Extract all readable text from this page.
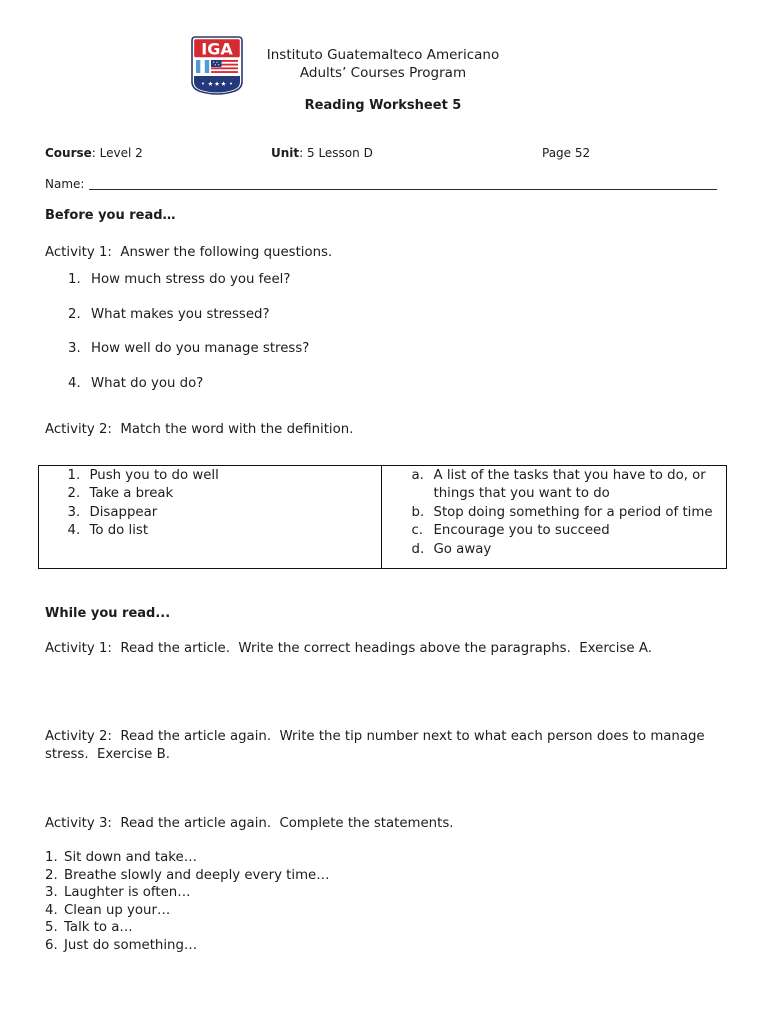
IGA	Instituto Guatemalteco Americano
Adults’ Courses Program
Reading Worksheet 5
Course: Level 2	Unit: 5 Lesson D	Page 52
Name:
Before you read…
Activity 1:  Answer the following questions.
1. How much stress do you feel?
2. What makes you stressed?
3. How well do you manage stress?
4. What do you do?
Activity 2:  Match the word with the definition.
1. Push you to do well
2. Take a break
3. Disappear
4. To do list
a. A list of the tasks that you have to do, or things that you want to do
b. Stop doing something for a period of time
c. Encourage you to succeed
d. Go away
While you read...
Activity 1:  Read the article.  Write the correct headings above the paragraphs.  Exercise A.
Activity 2:  Read the article again.  Write the tip number next to what each person does to manage stress.  Exercise B.
Activity 3:  Read the article again.  Complete the statements.
1. Sit down and take…
2. Breathe slowly and deeply every time…
3. Laughter is often…
4. Clean up your…
5. Talk to a…
6. Just do something…
